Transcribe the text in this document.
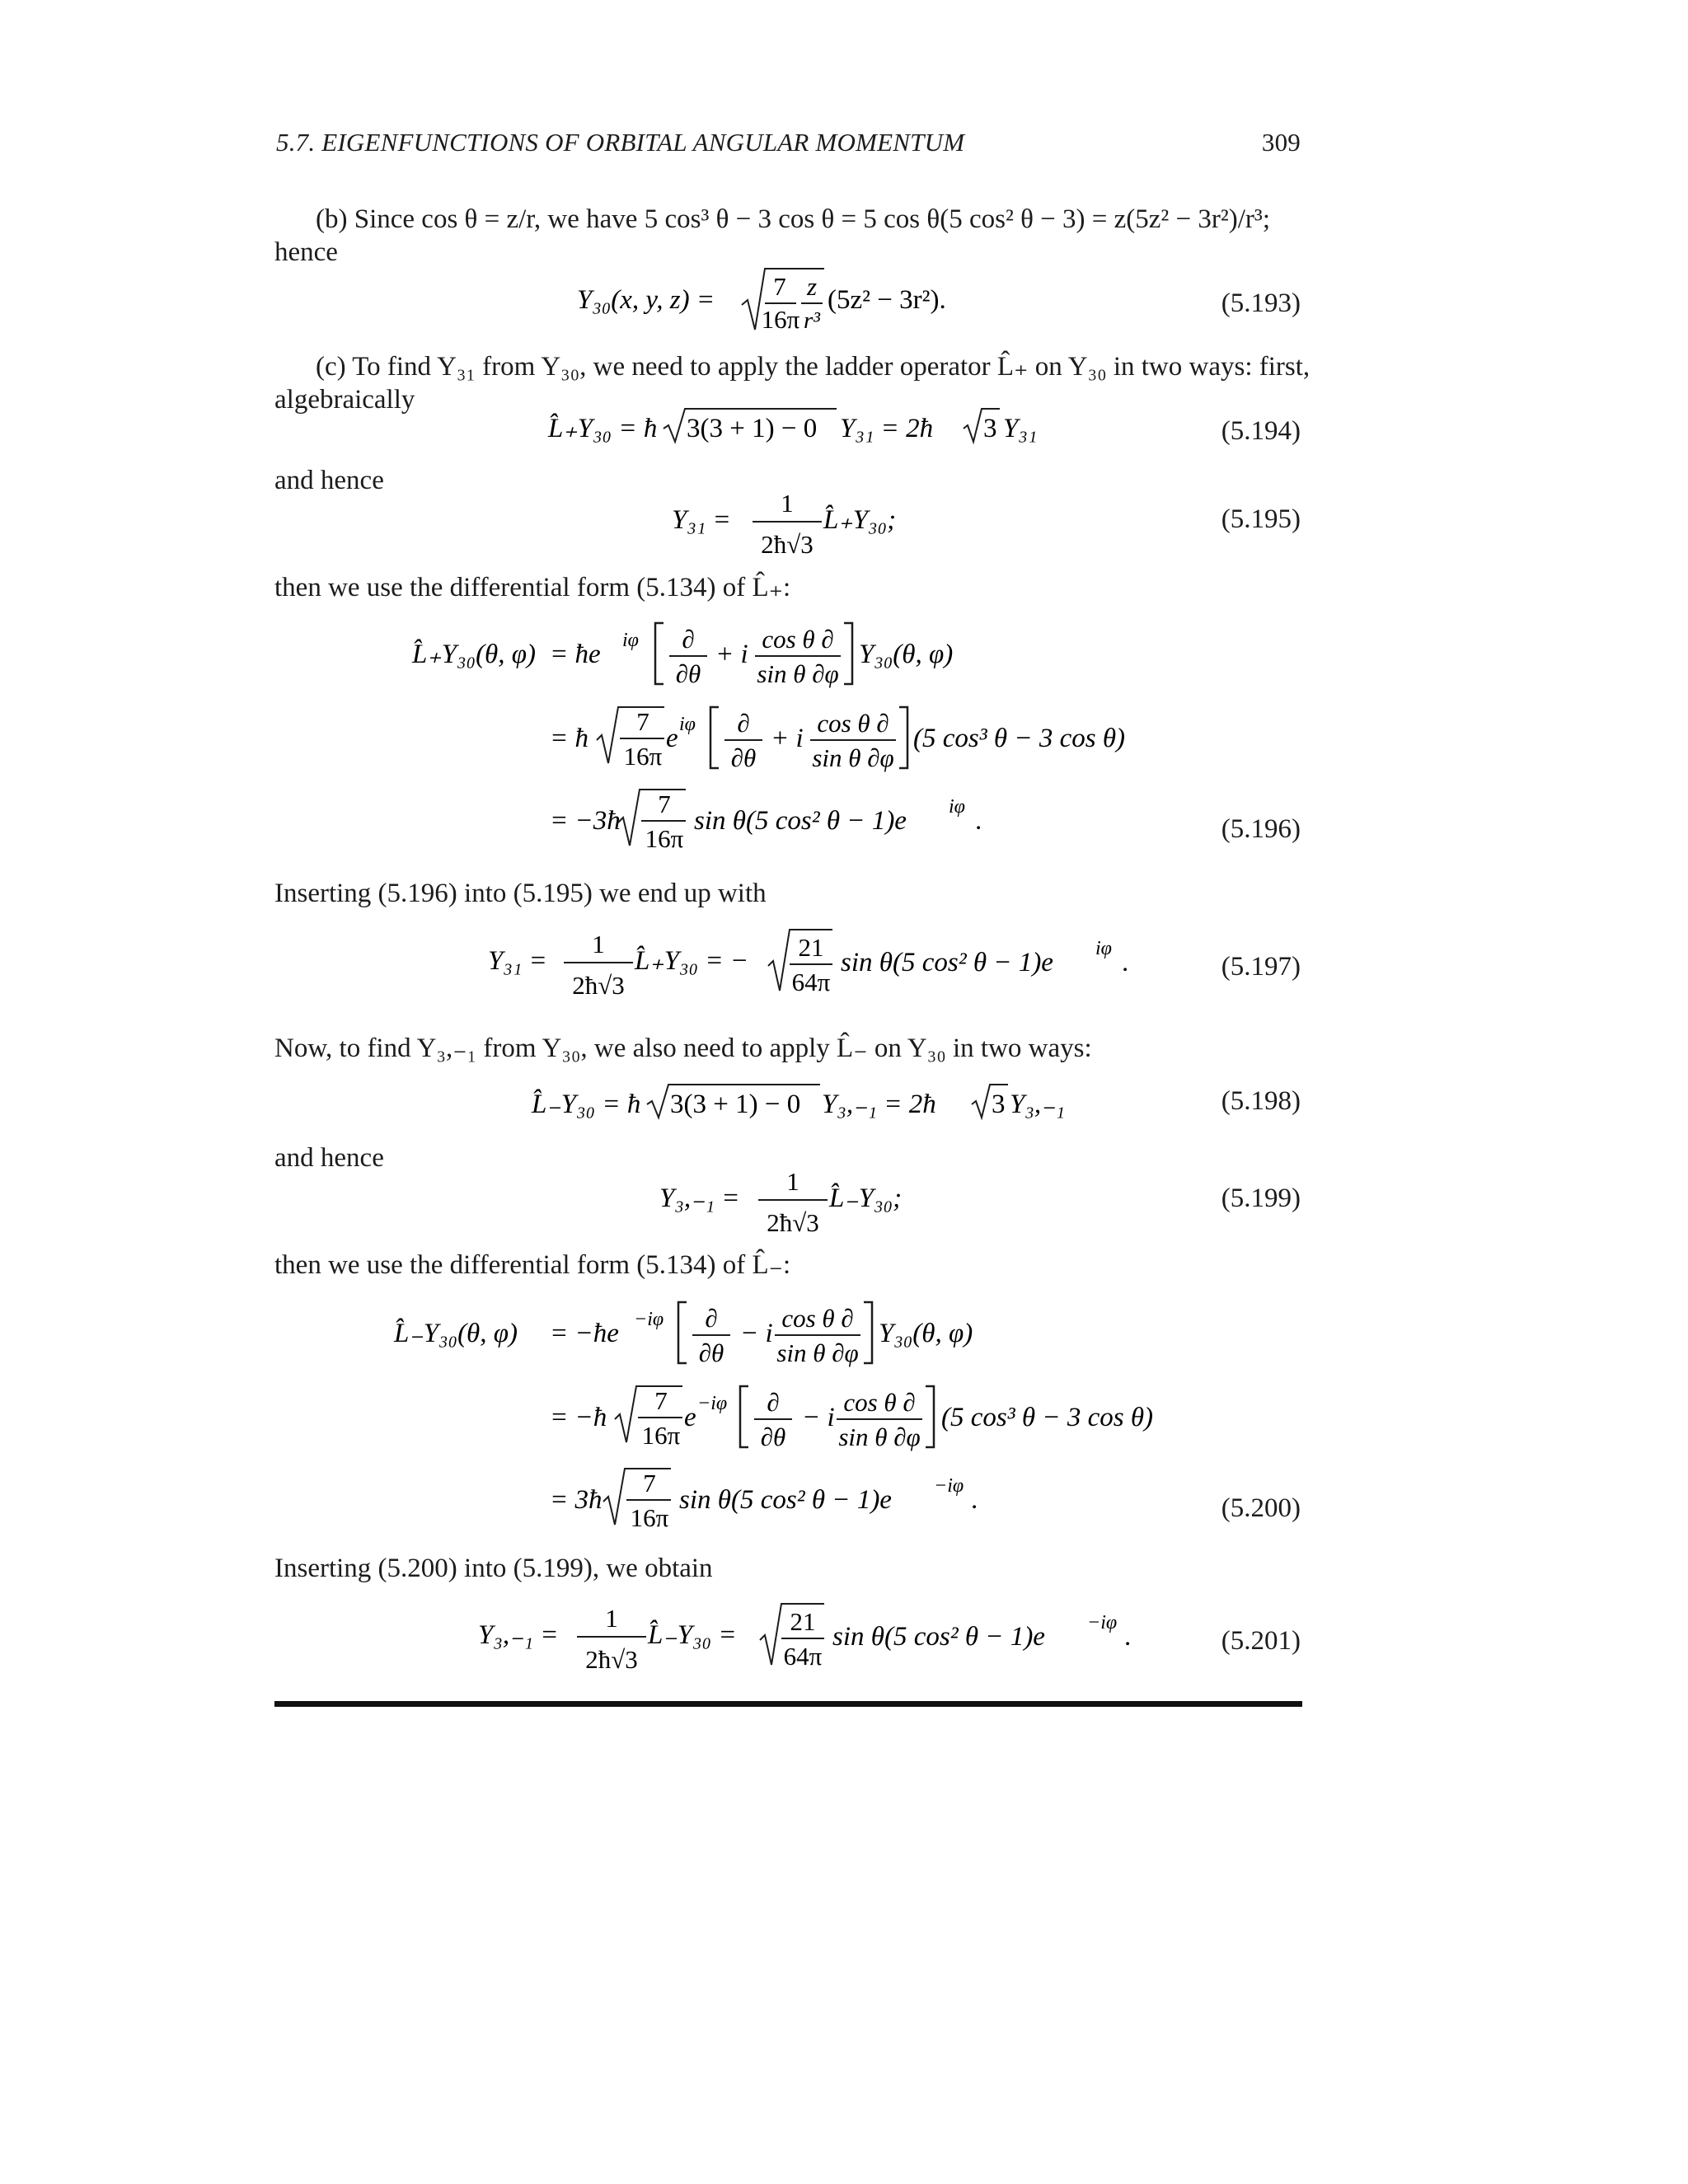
5.7. EIGENFUNCTIONS OF ORBITAL ANGULAR MOMENTUM	309
(b) Since cos θ = z/r, we have 5 cos³ θ − 3 cos θ = 5 cos θ(5 cos² θ − 3) = z(5z² − 3r²)/r³;
hence
Y₃₀(x, y, z) = 7
16π
z
r³
(5z² − 3r²).	(5.193)
(c) To find Y₃₁ from Y₃₀, we need to apply the ladder operator L̂₊ on Y₃₀ in two ways: first,
algebraically
L̂₊Y₃₀ = ħ 3(3 + 1) − 0 Y₃₁ = 2ħ 3 Y₃₁	(5.194)
and hence
Y₃₁ =
1
2ħ√3
L̂₊Y₃₀;	(5.195)
then we use the differential form (5.134) of L̂₊:
L̂₊Y₃₀(θ, φ) = ħe iφ ∂
∂θ
+ i
cos θ ∂
sin θ ∂φ
Y₃₀(θ, φ)
= ħ
7
16π
e iφ ∂
∂θ
+ i
cos θ ∂
sin θ ∂φ
(5 cos³ θ − 3 cos θ)
= −3ħ
7
16π
sin θ(5 cos² θ − 1)e iφ .	(5.196)
Inserting (5.196) into (5.195) we end up with
Y₃₁ =
1
2ħ√3
L̂₊Y₃₀ = − 21
64π
sin θ(5 cos² θ − 1)e iφ .	(5.197)
Now, to find Y₃,₋₁ from Y₃₀, we also need to apply L̂₋ on Y₃₀ in two ways:
L̂₋Y₃₀ = ħ 3(3 + 1) − 0 Y₃,₋₁ = 2ħ 3 Y₃,₋₁	(5.198)
and hence
Y₃,₋₁ =
1
2ħ√3
L̂₋Y₃₀;	(5.199)
then we use the differential form (5.134) of L̂₋:
L̂₋Y₃₀(θ, φ) = −ħe −iφ ∂
∂θ
− i
cos θ ∂
sin θ ∂φ
Y₃₀(θ, φ)
= −ħ
7
16π
e −iφ ∂
∂θ
− i
cos θ ∂
sin θ ∂φ
(5 cos³ θ − 3 cos θ)
= 3ħ
7
16π
sin θ(5 cos² θ − 1)e −iφ .	(5.200)
Inserting (5.200) into (5.199), we obtain
Y₃,₋₁ =
1
2ħ√3
L̂₋Y₃₀ = 21
64π
sin θ(5 cos² θ − 1)e −iφ .	(5.201)
